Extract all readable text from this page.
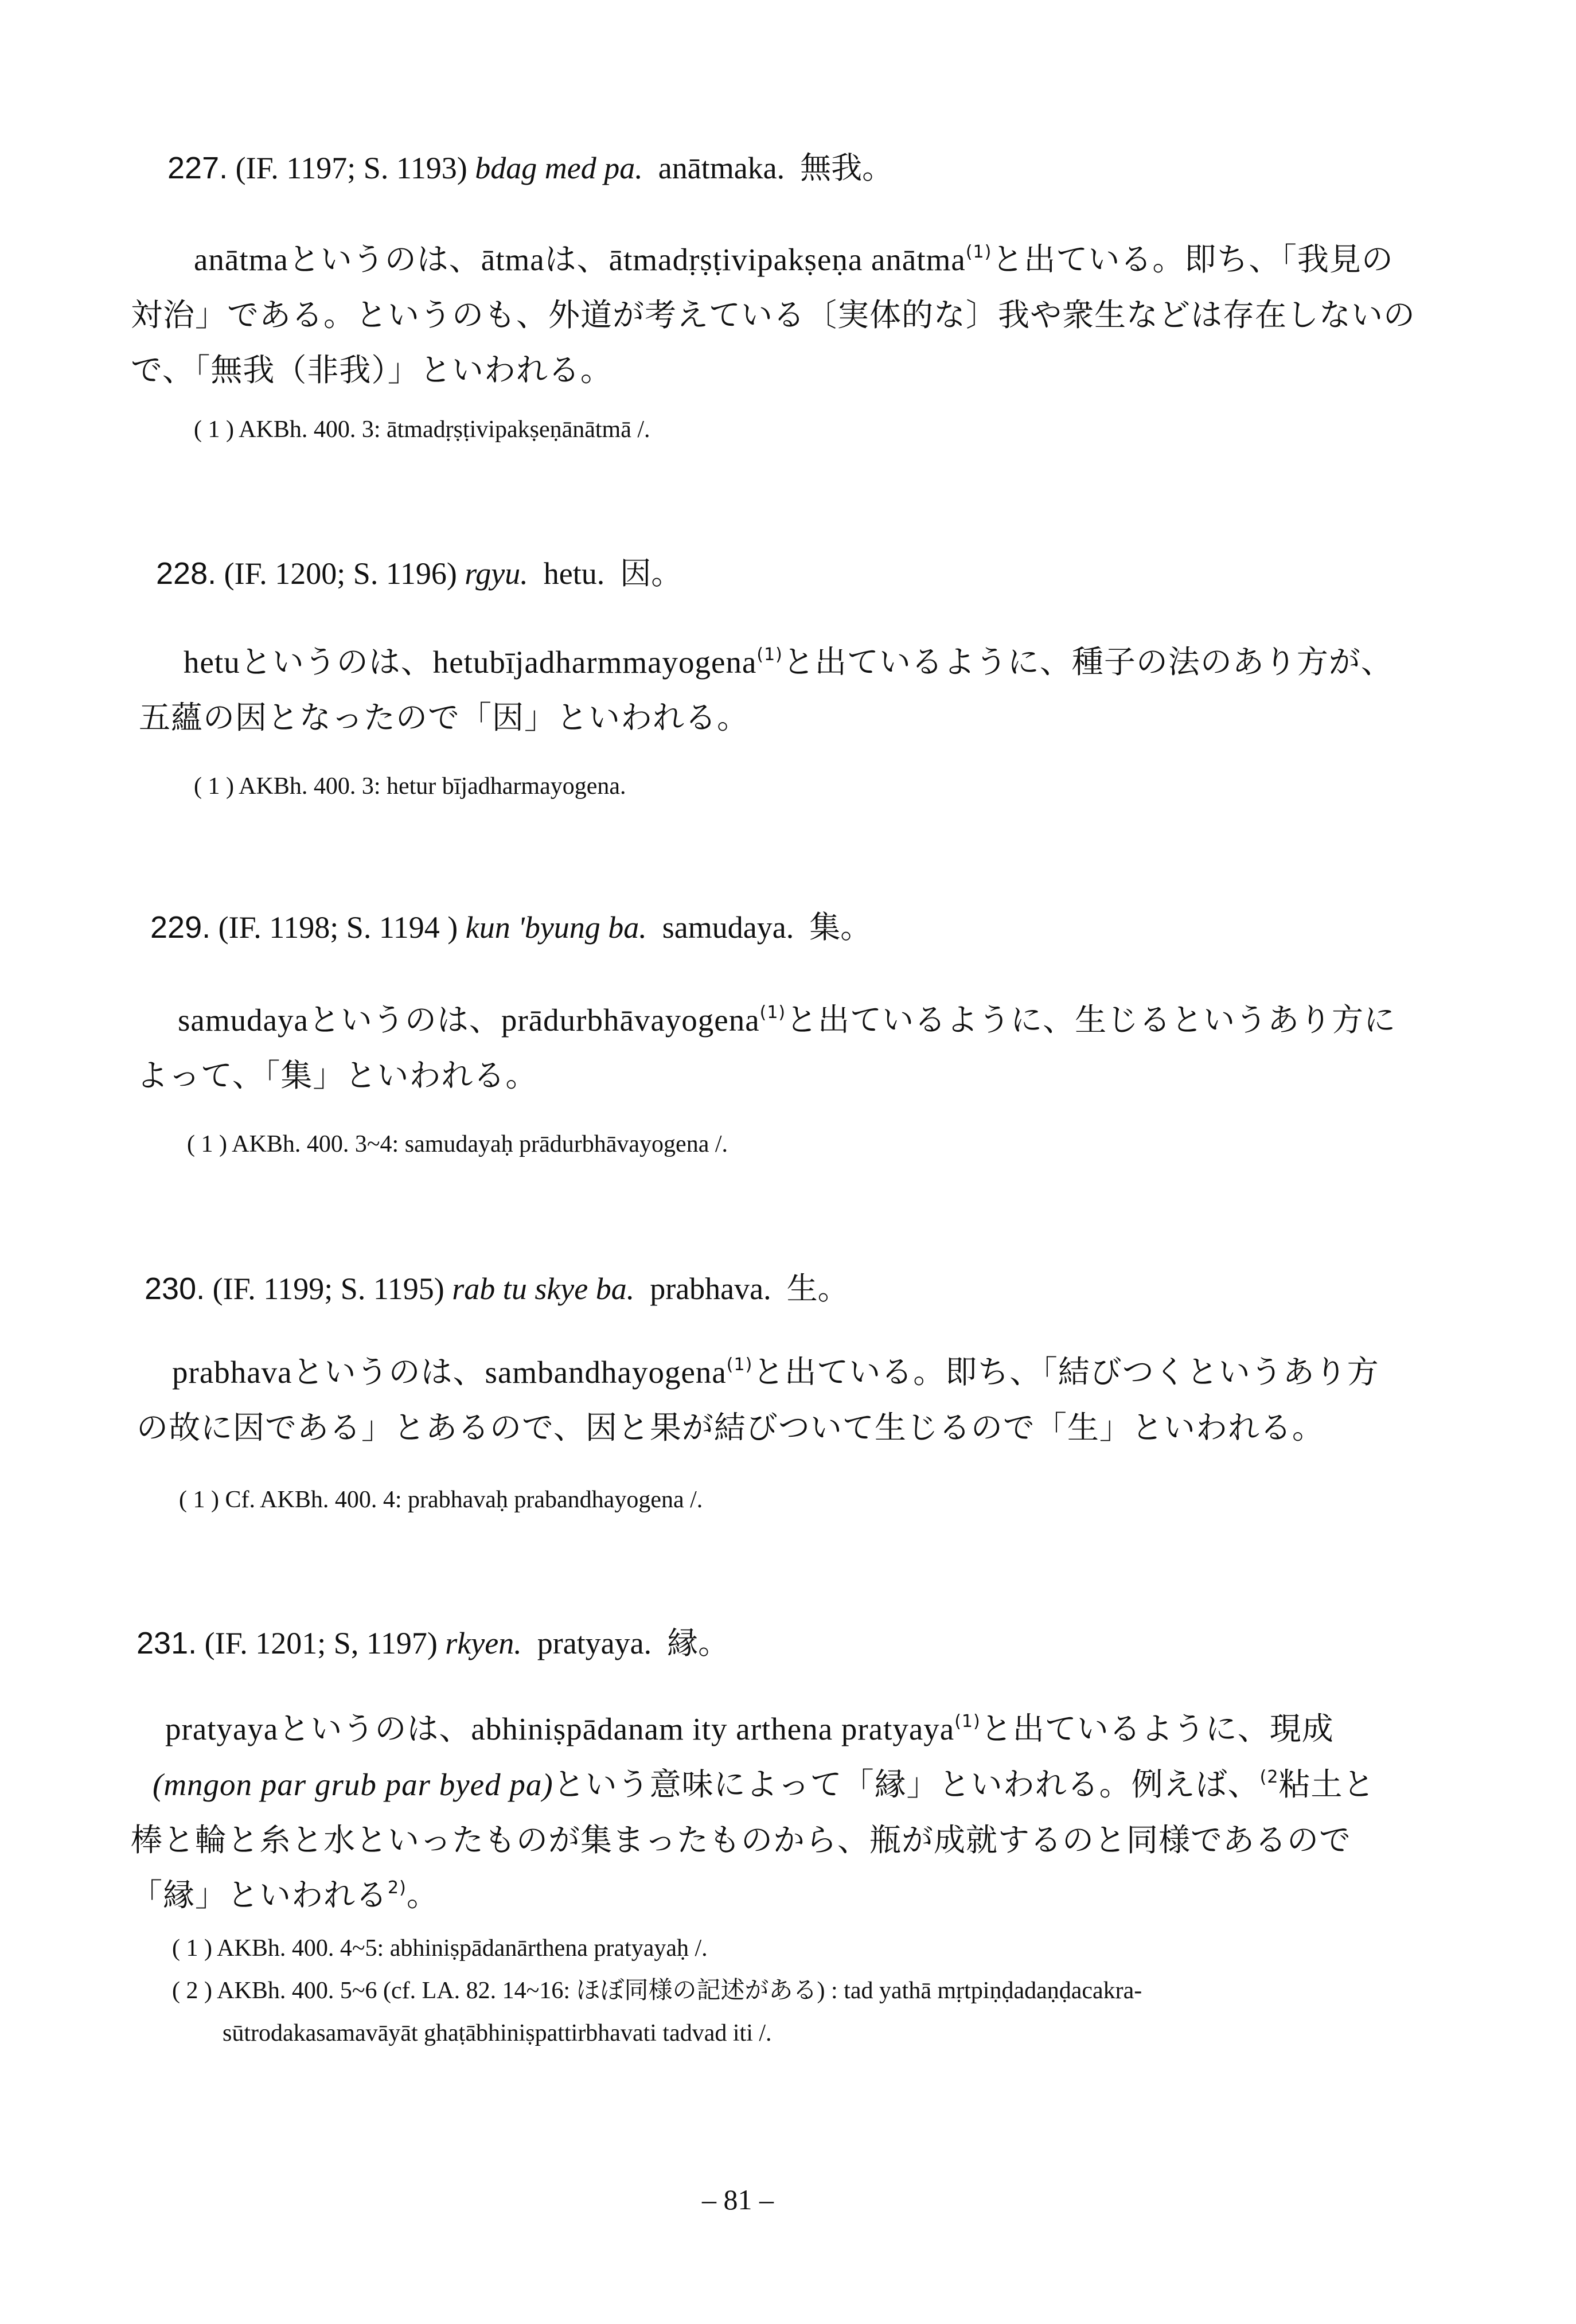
227. (IF. 1197; S. 1193) bdag med pa. anātmaka. 無我。
anātmaというのは、ātmaは、ātmadṛṣṭivipakṣeṇa anātma$^{(1)}$と出ている。即ち、「我見の
対治」である。というのも、外道が考えている〔実体的な〕我や衆生などは存在しないの
で、「無我（非我）」といわれる。
( 1 ) AKBh. 400. 3: ātmadṛṣṭivipakṣeṇānātmā /.
228. (IF. 1200; S. 1196) rgyu. hetu. 因。
hetuというのは、hetubījadharmmayogena$^{(1)}$と出ているように、種子の法のあり方が、
五蘊の因となったので「因」といわれる。
( 1 ) AKBh. 400. 3: hetur bījadharmayogena.
229. (IF. 1198; S. 1194 ) kun 'byung ba. samudaya. 集。
samudayaというのは、prādurbhāvayogena$^{(1)}$と出ているように、生じるというあり方に
よって、「集」といわれる。
( 1 ) AKBh. 400. 3~4: samudayaḥ prādurbhāvayogena /.
230. (IF. 1199; S. 1195) rab tu skye ba. prabhava. 生。
prabhavaというのは、sambandhayogena$^{(1)}$と出ている。即ち、「結びつくというあり方
の故に因である」とあるので、因と果が結びついて生じるので「生」といわれる。
( 1 ) Cf. AKBh. 400. 4: prabhavaḥ prabandhayogena /.
231. (IF. 1201; S, 1197) rkyen. pratyaya. 縁。
pratyayaというのは、abhiniṣpādanam ity arthena pratyaya$^{(1)}$と出ているように、現成
(mngon par grub par byed pa)という意味によって「縁」といわれる。例えば、$^{(2}$粘土と
棒と輪と糸と水といったものが集まったものから、瓶が成就するのと同様であるので
「縁」といわれる$^{2)}$。
( 1 ) AKBh. 400. 4~5: abhiniṣpādanārthena pratyayaḥ /.
( 2 ) AKBh. 400. 5~6 (cf. LA. 82. 14~16: ほぼ同様の記述がある) : tad yathā mṛtpiṇḍadaṇḍacakra-
sūtrodakasamavāyāt ghaṭābhiniṣpattirbhavati tadvad iti /.
– 81 –
